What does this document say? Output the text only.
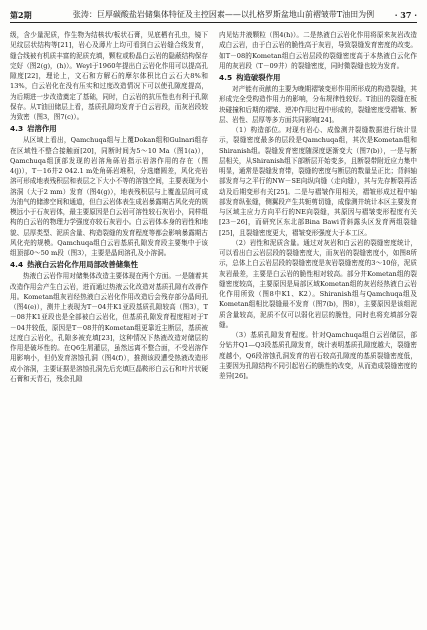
第2期	张涛：巨厚碳酸盐岩储集体特征及主控因素——以扎格罗斯盆地山前褶皱带T油田为例	· 37 ·

级，含少量泥质，作生物为结核状/板状石膏，见底栖有孔虫，镜下见纹层状结构等[21]，岩心及薄片上均可看到白云岩缝合线发育，缝合线被有机质丰富的泥质充填，颗粒或粉晶白云岩的隐蔽结构保存完好（图2(g)，(h)）。Weyl于1960年提出白云岩化作用可以提高孔隙度[22]，理论上，文石和方解石的摩尔体积比白云石大8%和13%，白云岩化在没有压实和过度改造情况下可以使孔隙度提高，为后期进一步改造奠定了基础，同时，白云岩的抗压性也有利于孔隙保存。从T油田储层上看，基质孔隙均发育于白云岩段，而灰岩段较为致密（图3，图7(c)）。

4.3 岩溶作用

从区域上看出，Qamchuqa组与上覆Dokan组和Gulnari组存在区域性不整合接触面[20]，同断时间为5～10 Ma（图1(a)），Qamchuqa组顶部发现的岩溶角砾岩指示岩溶作用的存在（图4(j)），T－16井2 042.1 m处角砾岩堆积，分选磨圆差，风化壳岩溶可形成地表残积层和表层之下大小不等的溶蚀空间，主要表现为小溶洞（大于2 mm）发育（图4(g)），地表残积层与上覆盖层间可成为油气的储渗空间和通道，但白云岩体表生成岩暴露期古风化壳的规模远小于石灰岩体，最主要原因是白云岩可溶性较石灰岩小，同样组构的白云岩的物理力学强度亦较石灰岩小。白云岩体本身的岩性和地貌、层厚类型、泥质含量、构造裂缝的发育程度等都会影响暴露期古风化壳的规模。Qamchuqa组白云岩基质孔隙发育段主要集中于该组顶部0～50 m段（图3），主要是晶间溶孔及小溶洞。

4.4 热液白云岩化作用局部改善储集性

热液白云岩作用对储集体改造主要体现在两个方面。一是随着其改造作用会产生白云岩，进而通过热液云化改造对基质孔隙有改善作用。Kometan组灰岩经热液白云岩化作用改造后会残存部分晶间孔（图4(e)），测井上表现为T－04井K1亚段基质孔隙较高（图3），T－08井K1亚段也是全部被白云岩化，但基质孔隙发育程度相对于T－04井较低，原因是T－08井的Kometan组更靠近主断层，基质被过度白云岩化，孔隙多被充填[23]，这种情况下热液改造对储层的作用是破坏性的。在Q6生屑灌层，虽然远离不整合面，不受岩溶作用影响小，但仍发育溶蚀孔洞（图4(f)），推测该段遭受热液改造形成小溶洞，主要证据是溶蚀孔洞先后充填巨晶鞍形白云石和叶片状硬石膏和天青石，残余孔隙

内见钻井液颗粒（图4(h)）。二是热液白云岩化作用将原来灰岩改造成白云岩，由于白云岩的脆性高于灰岩，导致裂缝发育密度的改变。如T－08的Kometan组白云岩层段的裂缝密度高于本热液白云化作用的灰岩段（T－09井）的裂缝密度，同时微裂缝也较为发育。

4.5 构造破裂作用

对产能有贡献的主要为晚期褶皱变形作用所形成的构造裂缝，其形成完全受构造作用力的影响，分布规律性较好。T油田的裂缝在板块碰撞和后期的褶皱、逆冲作用过程中形成的，裂缝密度受褶皱、断层、岩性、层厚等多方面共同影响[24]。

（1）构造部位。对现有岩心、成像测井裂缝数据进行统计显示，裂缝密度最多的层段是Qamchuqa组，其次是Kometan组和Shiranish组。裂缝发育密度随深度逐渐变大（图7(b)），一是与断层相关，从Shiranish组下部断层开始变多，且断裂带附近应力集中明显，通常是裂缝发育带，裂缝的密度与断层的数量呈正比；背斜轴部发育与之平行的NW－SE向纵向缝（走向缝），其与先存断裂再活动及后期变形有关[25]。二是与褶皱作用相关，褶皱形成过程中轴部发育纵张缝，侧翼段产生共轭剪切缝，成像测井统计本区主要发育与区域主应力方向平行的NE向裂缝，其原因与褶皱变形程度有关[23－26]，而研究区东北部Bina Bawi背斜露头区发育两组裂缝[25]，且裂缝密度更大，褶皱变形强度大于本工区。

（2）岩性和泥质含量。通过对灰岩和白云岩的裂缝密度统计，可以看出白云岩层段的裂缝密度大，而灰岩的裂缝密度小，如图8所示，总体上白云岩层段的裂缝密度是灰岩裂缝密度的3～10倍，泥质灰岩最差，主要是白云岩的脆性相对较高。部分井Kometan组的裂缝密度较高，主要原因是局部区域Kometan组的灰岩经热液白云岩化作用所致（图8中K1、K2）。Shiranish组与Qamchuqa组及Kometan组相比裂缝最不发育（图7(b)，图8），主要原因是该组泥质含量较高，泥质不仅可以弱化岩层的脆性，同时也将充填部分裂缝。

（3）基质孔隙发育程度。针对Qamchuqa组白云岩储层，部分钻井Q1—Q3段基质孔隙发育，统计表明基质孔隙度越大，裂缝密度越小，Q6段溶蚀孔洞发育的岩石较高孔隙度的基质裂缝密度低，主要因为孔隙结构不同引起岩石的脆性的改变，从而造成裂缝密度的差异[26]。
